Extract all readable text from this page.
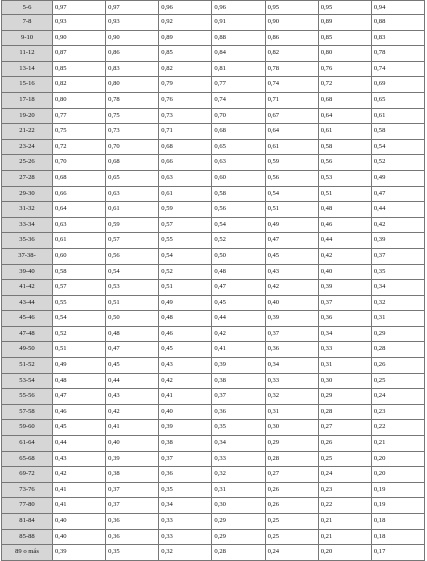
5-6	0,97	0,97	0,96	0,96	0,95	0,95	0,94
7-8	0,93	0,93	0,92	0,91	0,90	0,89	0,88
9-10	0,90	0,90	0,89	0,88	0,86	0,85	0,83
11-12	0,87	0,86	0,85	0,84	0,82	0,80	0,78
13-14	0,85	0,83	0,82	0,81	0,78	0,76	0,74
15-16	0,82	0,80	0,79	0,77	0,74	0,72	0,69
17-18	0,80	0,78	0,76	0,74	0,71	0,68	0,65
19-20	0,77	0,75	0,73	0,70	0,67	0,64	0,61
21-22	0,75	0,73	0,71	0,68	0,64	0,61	0,58
23-24	0,72	0,70	0,68	0,65	0,61	0,58	0,54
25-26	0,70	0,68	0,66	0,63	0,59	0,56	0,52
27-28	0,68	0,65	0,63	0,60	0,56	0,53	0,49
29-30	0,66	0,63	0,61	0,58	0,54	0,51	0,47
31-32	0,64	0,61	0,59	0,56	0,51	0,48	0,44
33-34	0,63	0,59	0,57	0,54	0,49	0,46	0,42
35-36	0,61	0,57	0,55	0,52	0,47	0,44	0,39
37-38-	0,60	0,56	0,54	0,50	0,45	0,42	0,37
39-40	0,58	0,54	0,52	0,48	0,43	0,40	0,35
41-42	0,57	0,53	0,51	0,47	0,42	0,39	0,34
43-44	0,55	0,51	0,49	0,45	0,40	0,37	0,32
45-46	0,54	0,50	0,48	0,44	0,39	0,36	0,31
47-48	0,52	0,48	0,46	0,42	0,37	0,34	0,29
49-50	0,51	0,47	0,45	0,41	0,36	0,33	0,28
51-52	0,49	0,45	0,43	0,39	0,34	0,31	0,26
53-54	0,48	0,44	0,42	0,38	0,33	0,30	0,25
55-56	0,47	0,43	0,41	0,37	0,32	0,29	0,24
57-58	0,46	0,42	0,40	0,36	0,31	0,28	0,23
59-60	0,45	0,41	0,39	0,35	0,30	0,27	0,22
61-64	0,44	0,40	0,38	0,34	0,29	0,26	0,21
65-68	0,43	0,39	0,37	0,33	0,28	0,25	0,20
69-72	0,42	0,38	0,36	0,32	0,27	0,24	0,20
73-76	0,41	0,37	0,35	0,31	0,26	0,23	0,19
77-80	0,41	0,37	0,34	0,30	0,26	0,22	0,19
81-84	0,40	0,36	0,33	0,29	0,25	0,21	0,18
85-88	0,40	0,36	0,33	0,29	0,25	0,21	0,18
89 o más	0,39	0,35	0,32	0,28	0,24	0,20	0,17
